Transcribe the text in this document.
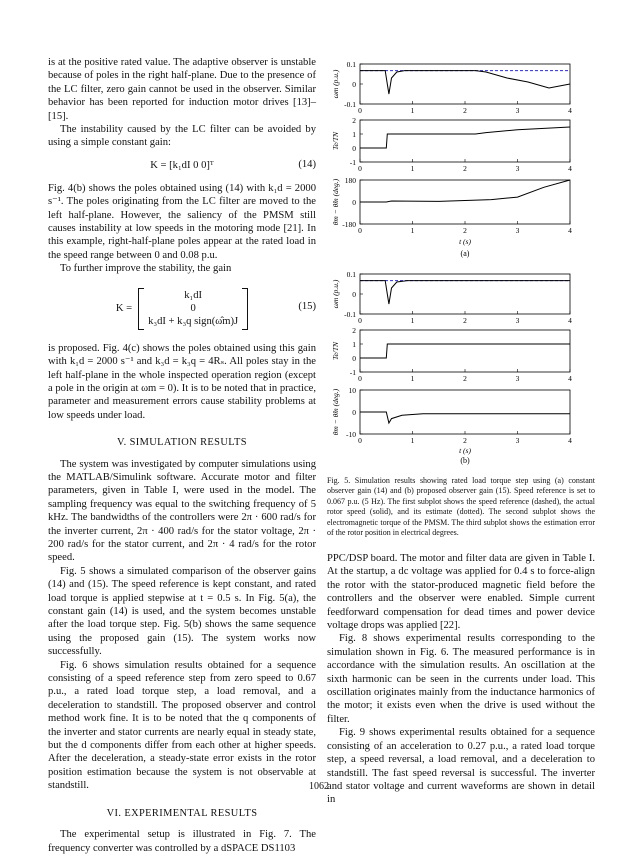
is at the positive rated value. The adaptive observer is unstable because of poles in the right half-plane. Due to the presence of the LC filter, zero gain cannot be used in the observer. Similar behavior has been reported for induction motor drives [13]–[15].

The instability caused by the LC filter can be avoided by using a simple constant gain:

K = [k₁dI 0 0]ᵀ	(14)

Fig. 4(b) shows the poles obtained using (14) with k₁d = 2000 s⁻¹. The poles originating from the LC filter are moved to the left half-plane. However, the saliency of the PMSM still causes instability at low speeds in the motoring mode [21]. In this example, right-half-plane poles appear at the rated load in the speed range between 0 and 0.08 p.u.

To further improve the stability, the gain

K =
k₁dI
0
k₃dI + k₃q sign(ω̂m)J
(15)

is proposed. Fig. 4(c) shows the poles obtained using this gain with k₁d = 2000 s⁻¹ and k₃d = k₃q = 4Rₛ. All poles stay in the left half-plane in the whole inspected operation region (except a pole in the origin at ωm = 0). It is to be noted that in practice, parameter and measurement errors cause stability problems at low speeds under load.

V. SIMULATION RESULTS

The system was investigated by computer simulations using the MATLAB/Simulink software. Accurate motor and filter parameters, given in Table I, were used in the model. The sampling frequency was equal to the switching frequency of 5 kHz. The bandwidths of the controllers were 2π · 600 rad/s for the inverter current, 2π · 400 rad/s for the stator voltage, 2π · 200 rad/s for the stator current, and 2π · 4 rad/s for the rotor speed.

Fig. 5 shows a simulated comparison of the observer gains (14) and (15). The speed reference is kept constant, and rated load torque is applied stepwise at t = 0.5 s. In Fig. 5(a), the constant gain (14) is used, and the system becomes unstable after the load torque step. Fig. 5(b) shows the same sequence using the proposed gain (15). The system works now successfully.

Fig. 6 shows simulation results obtained for a sequence consisting of a speed reference step from zero speed to 0.67 p.u., a rated load torque step, a load removal, and a deceleration to standstill. The proposed observer and control method work fine. It is to be noted that the q components of the inverter and stator currents are nearly equal in steady state, but the d components differ from each other at higher speeds. After the deceleration, a steady-state error exists in the rotor position estimation because the system is not observable at standstill.

VI. EXPERIMENTAL RESULTS

The experimental setup is illustrated in Fig. 7. The frequency converter was controlled by a dSPACE DS1103

0.1
0
-0.1
0	1	2	3	4
ωm (p.u.)
2
1
0
-1
0	1	2	3	4
Te/TN
180
0
-180
0	1	2	3	4
θm − θ̂m (deg.)
t (s)
(a)
0.1
0
-0.1
0	1	2	3	4
ωm (p.u.)
2
1
0
-1
0	1	2	3	4
Te/TN
10
0
-10
0	1	2	3	4
θm − θ̂m (deg.)
t (s)
(b)
Fig. 5. Simulation results showing rated load torque step using (a) constant observer gain (14) and (b) proposed observer gain (15). Speed reference is set to 0.067 p.u. (5 Hz). The first subplot shows the speed reference (dashed), the actual rotor speed (solid), and its estimate (dotted). The second subplot shows the electromagnetic torque of the PMSM. The third subplot shows the estimation error of the rotor position in electrical degrees.

PPC/DSP board. The motor and filter data are given in Table I. At the startup, a dc voltage was applied for 0.4 s to force-align the rotor with the stator-produced magnetic field before the controllers and the observer were enabled. Simple current feedforward compensation for dead times and power device voltage drops was applied [22].

Fig. 8 shows experimental results corresponding to the simulation shown in Fig. 6. The measured performance is in accordance with the simulation results. An oscillation at the sixth harmonic can be seen in the currents under load. This oscillation originates mainly from the inductance harmonics of the motor; it exists even when the drive is used without the filter.

Fig. 9 shows experimental results obtained for a sequence consisting of an acceleration to 0.27 p.u., a rated load torque step, a speed reversal, a load removal, and a deceleration to standstill. The fast speed reversal is successful. The inverter and stator voltage and current waveforms are shown in detail in

1062
